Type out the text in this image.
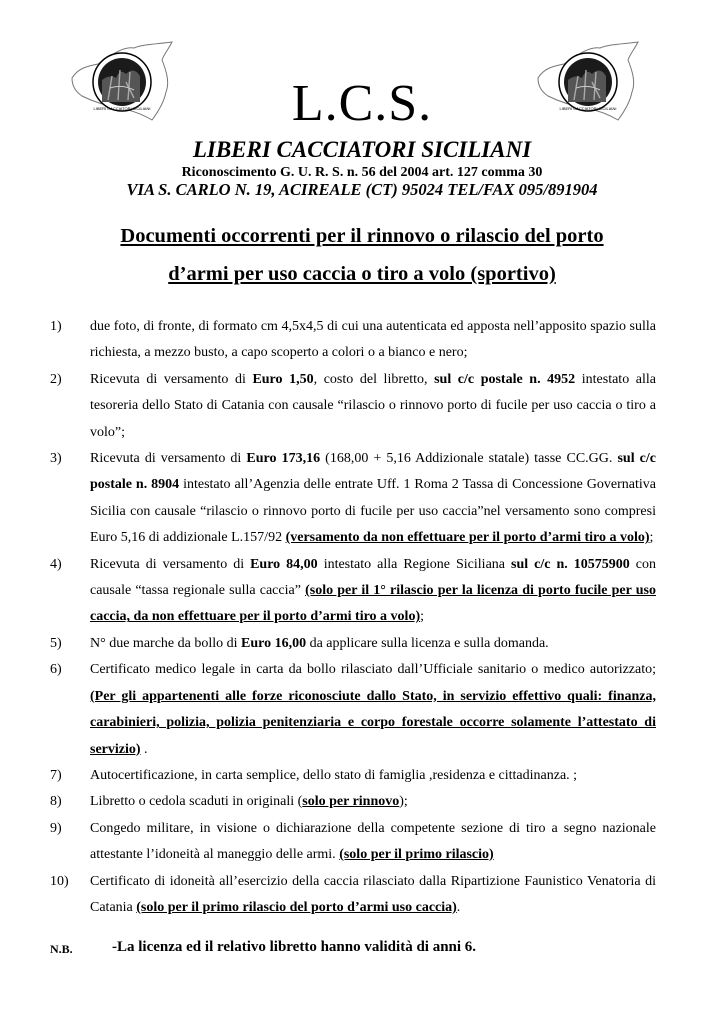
LIBERI CACCIATORI SICILIANI	LIBERI CACCIATORI SICILIANI
L.C.S.
LIBERI CACCIATORI SICILIANI
Riconoscimento G. U. R. S. n. 56 del 2004 art. 127 comma 30
VIA S. CARLO N. 19, ACIREALE (CT) 95024 TEL/FAX 095/891904
Documenti occorrenti per il rinnovo o rilascio del porto
d’armi per uso caccia o tiro a volo (sportivo)
1)	due foto, di fronte, di formato cm 4,5x4,5 di cui una autenticata ed apposta nell’apposito spazio sulla richiesta, a mezzo busto, a capo scoperto a colori o a bianco e nero;
2)	Ricevuta di versamento di Euro 1,50, costo del libretto, sul c/c postale n. 4952 intestato alla tesoreria dello Stato di Catania con causale “rilascio o rinnovo porto di fucile per uso caccia o tiro a volo”;
3)	Ricevuta di versamento di Euro 173,16 (168,00 + 5,16 Addizionale statale) tasse CC.GG. sul c/c postale n. 8904 intestato all’Agenzia delle entrate Uff. 1 Roma 2 Tassa di Concessione Governativa Sicilia con causale “rilascio o rinnovo porto di fucile per uso caccia”nel versamento sono compresi Euro 5,16 di addizionale L.157/92 (versamento da non effettuare per il porto d’armi tiro a volo);
4)	Ricevuta di versamento di Euro 84,00 intestato alla Regione Siciliana sul c/c n. 10575900 con causale “tassa regionale sulla caccia” (solo per il 1° rilascio per la licenza di porto fucile per uso caccia, da non effettuare per il porto d’armi tiro a volo);
5)	N° due marche da bollo di Euro 16,00 da applicare sulla licenza e sulla domanda.
6)	Certificato medico legale in carta da bollo rilasciato dall’Ufficiale sanitario o medico autorizzato; (Per gli appartenenti alle forze riconosciute dallo Stato, in servizio effettivo quali: finanza, carabinieri, polizia, polizia penitenziaria e corpo forestale occorre solamente l’attestato di servizio) .
7)	Autocertificazione, in carta semplice, dello stato di famiglia ,residenza e cittadinanza. ;
8)	Libretto o cedola scaduti in originali (solo per rinnovo);
9)	Congedo militare, in visione o dichiarazione della competente sezione di tiro a segno nazionale attestante l’idoneità al maneggio delle armi. (solo per il primo rilascio)
10)	Certificato di idoneità all’esercizio della caccia rilasciato dalla Ripartizione Faunistico Venatoria di Catania (solo per il primo rilascio del porto d’armi uso caccia).
N.B.	-La licenza ed il relativo libretto hanno validità di anni 6.
